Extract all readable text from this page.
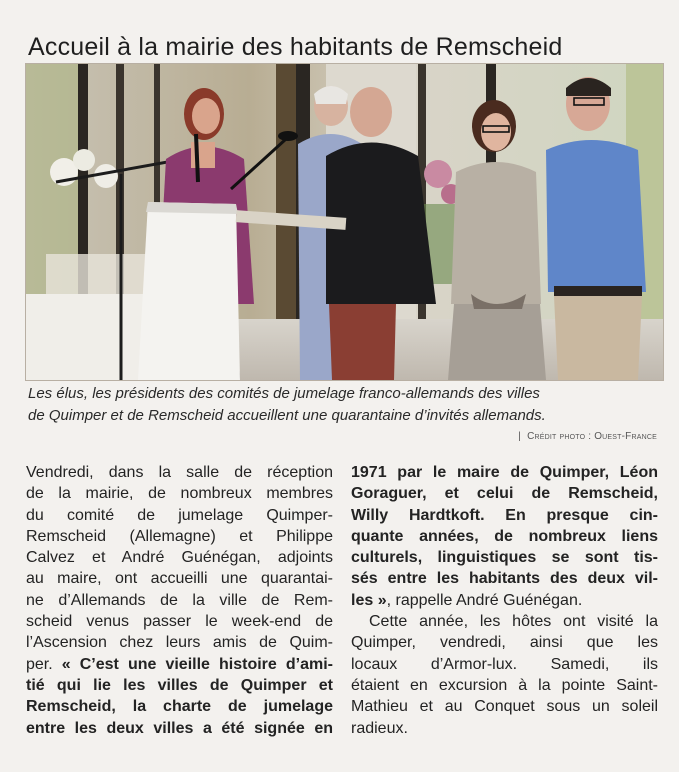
Accueil à la mairie des habitants de Remscheid
Les élus, les présidents des comités de jumelage franco-allemands des villes
de Quimper et de Remscheid accueillent une quarantaine d’invités allemands.
| Crédit photo : Ouest-France
Vendredi, dans la salle de réception
de la mairie, de nombreux membres
du comité de jumelage Quimper-
Remscheid (Allemagne) et Philippe
Calvez et André Guénégan, adjoints
au maire, ont accueilli une quarantai-
ne d’Allemands de la ville de Rem-
scheid venus passer le week-end de
l’Ascension chez leurs amis de Quim-
per. « C’est une vieille histoire d’ami-
tié qui lie les villes de Quimper et
Remscheid, la charte de jumelage
entre les deux villes a été signée en
1971 par le maire de Quimper, Léon
Goraguer, et celui de Remscheid,
Willy Hardtkoft. En presque cin-
quante années, de nombreux liens
culturels, linguistiques se sont tis-
sés entre les habitants des deux vil-
les », rappelle André Guénégan.
Cette année, les hôtes ont visité la
Quimper, vendredi, ainsi que les
locaux d’Armor-lux. Samedi, ils
étaient en excursion à la pointe Saint-
Mathieu et au Conquet sous un soleil
radieux.
